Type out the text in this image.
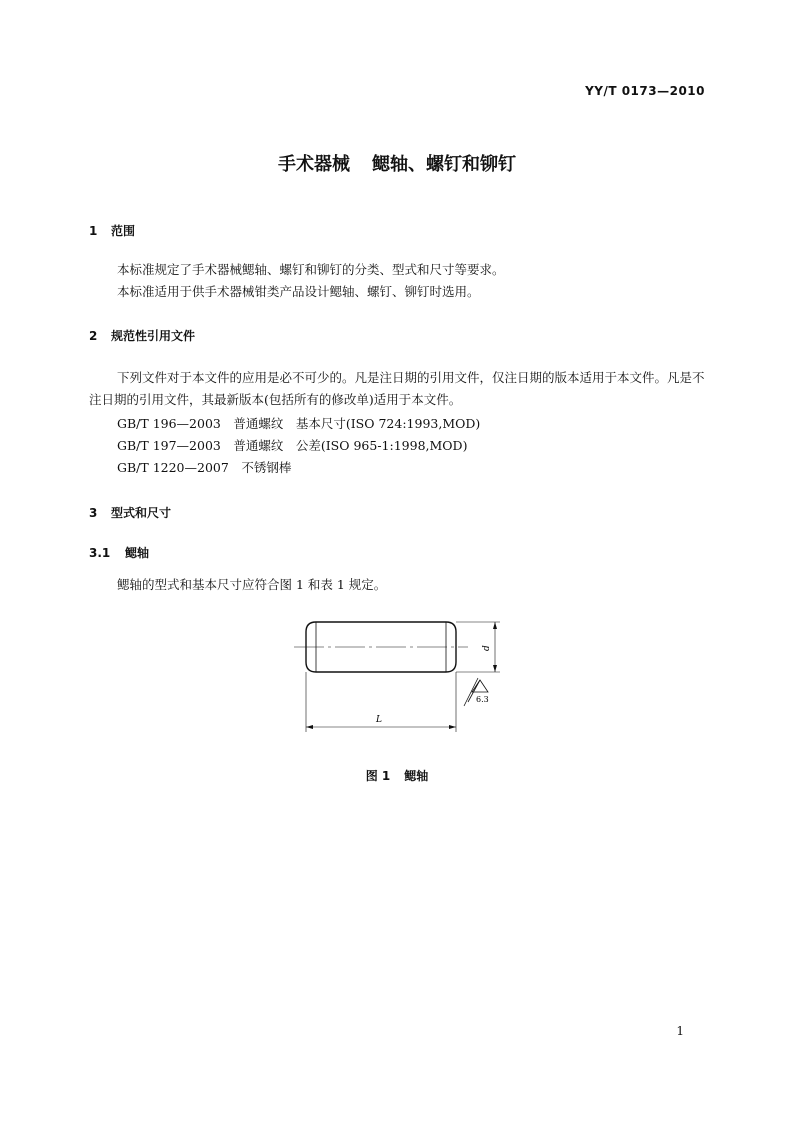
YY/T 0173—2010
手术器械 鳃轴、螺钉和铆钉
1 范围
本标准规定了手术器械鳃轴、螺钉和铆钉的分类、型式和尺寸等要求。
本标准适用于供手术器械钳类产品设计鳃轴、螺钉、铆钉时选用。
2 规范性引用文件
下列文件对于本文件的应用是必不可少的。凡是注日期的引用文件，仅注日期的版本适用于本文件。凡是不注日期的引用文件，其最新版本(包括所有的修改单)适用于本文件。
GB/T 196—2003　普通螺纹　基本尺寸(ISO 724:1993,MOD)
GB/T 197—2003　普通螺纹　公差(ISO 965-1:1998,MOD)
GB/T 1220—2007　不锈钢棒
3 型式和尺寸
3.1 鳃轴
鳃轴的型式和基本尺寸应符合图 1 和表 1 规定。
d
L
6.3
图 1 鳃轴
1
